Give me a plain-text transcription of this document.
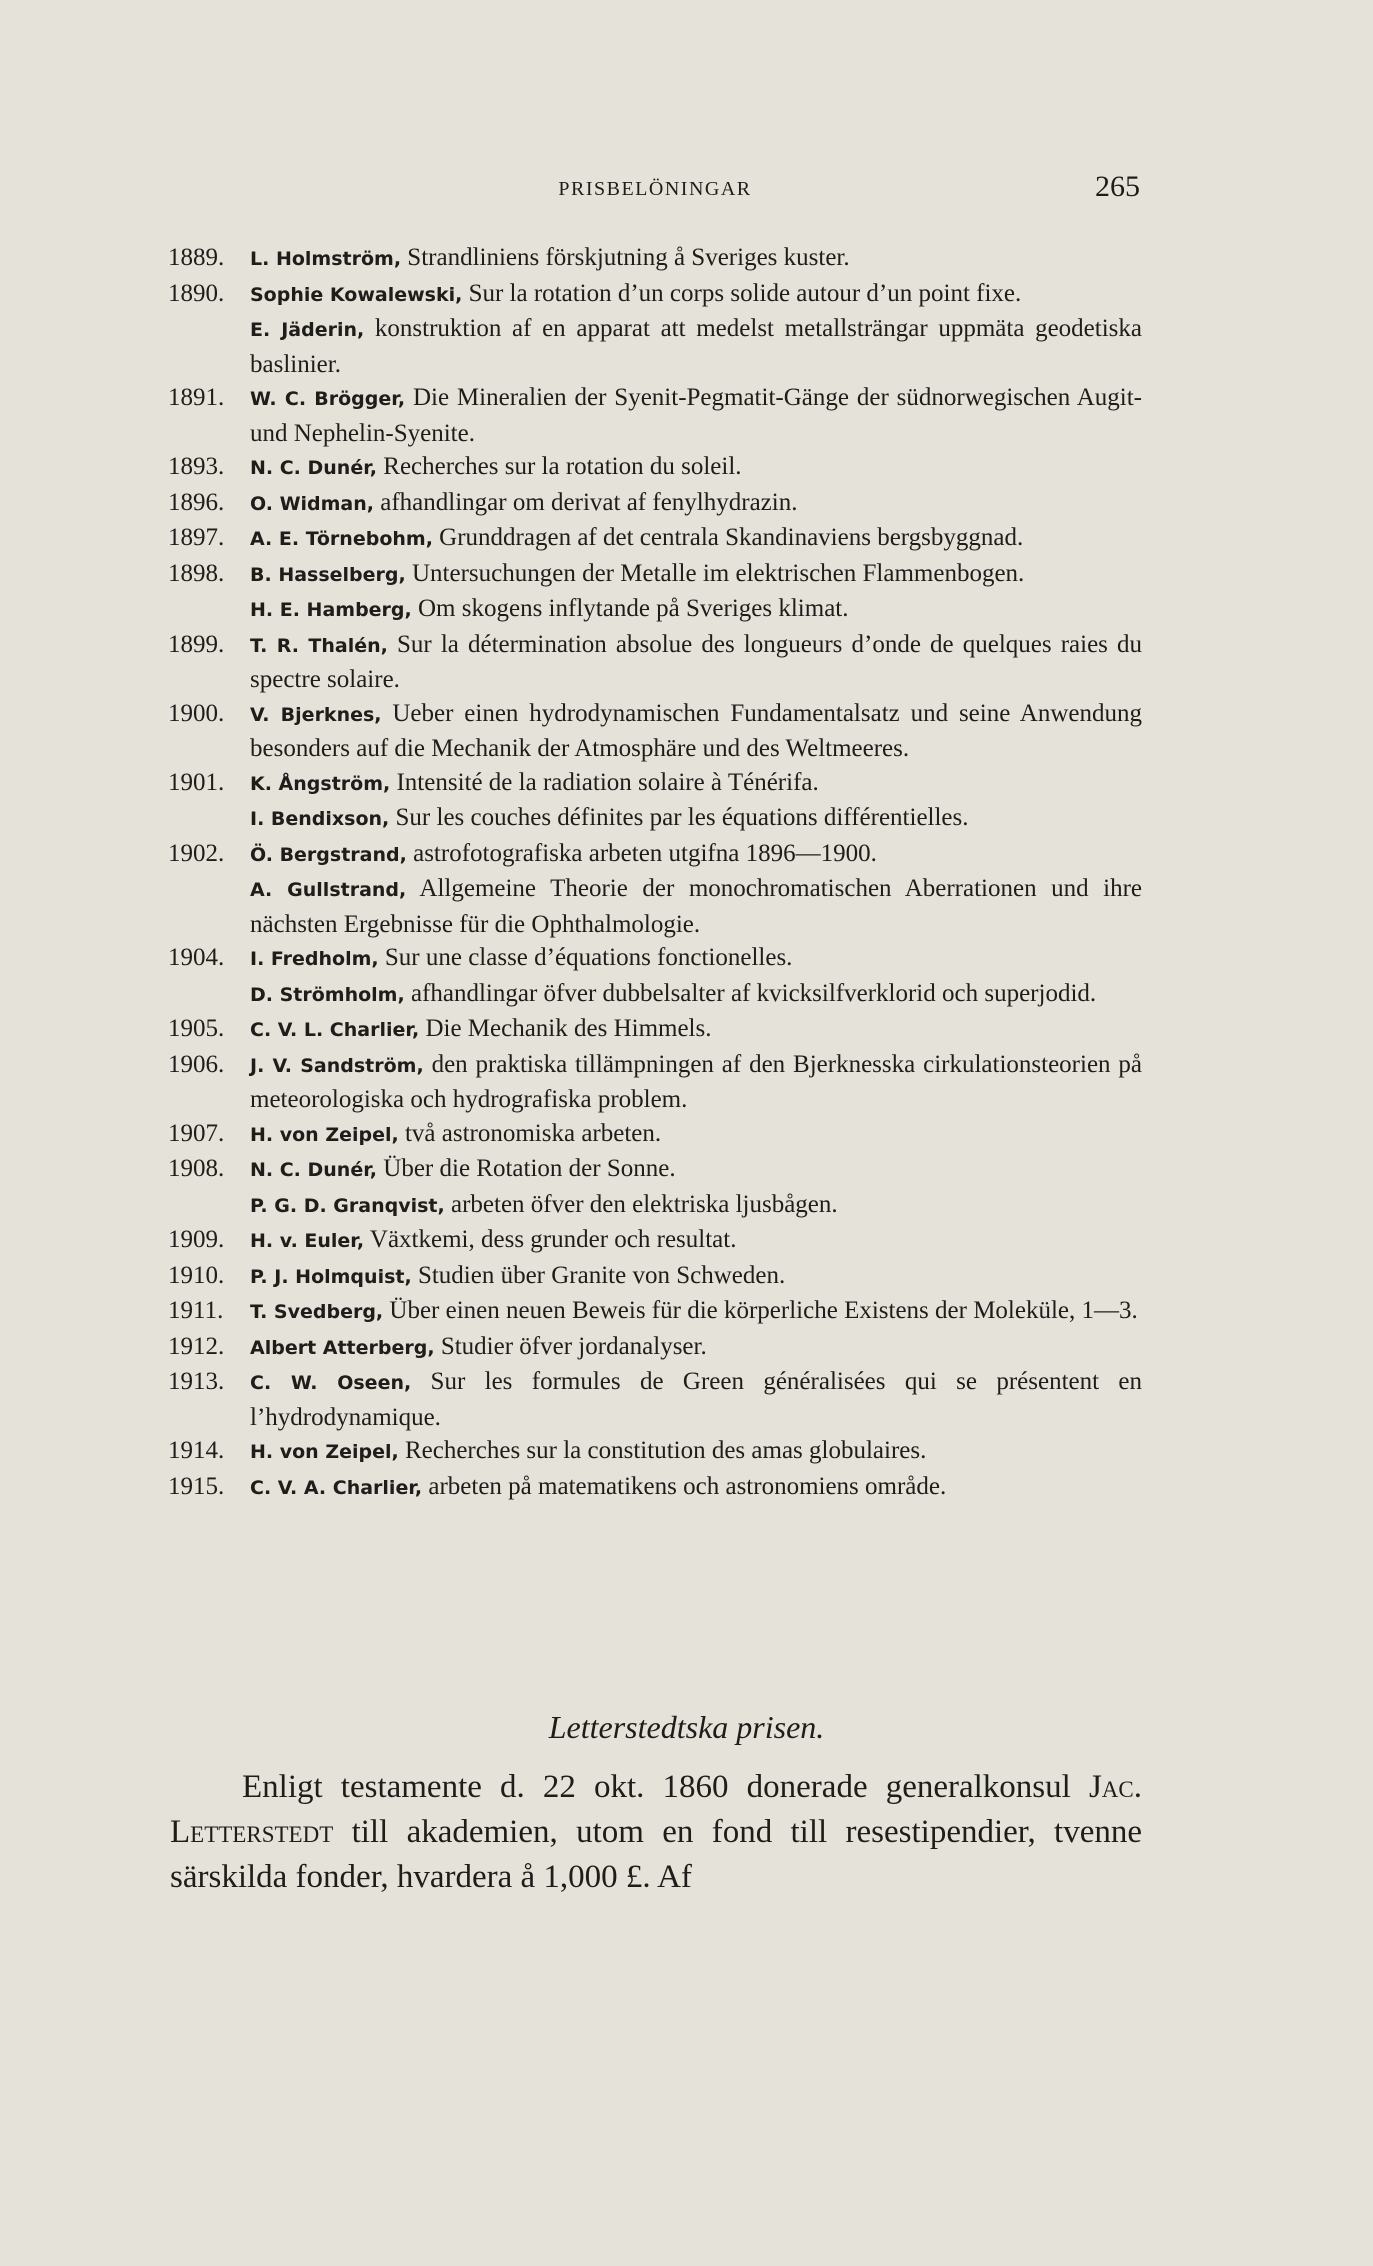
PRISBELÖNINGAR	265
1889.	L. Holmström, Strandliniens förskjutning å Sveriges kuster.
1890.	Sophie Kowalewski, Sur la rotation d’un corps solide autour d’un point fixe.
E. Jäderin, konstruktion af en apparat att medelst metallsträngar uppmäta geodetiska baslinier.
1891.	W. C. Brögger, Die Mineralien der Syenit-Pegmatit-Gänge der südnorwegischen Augit- und Nephelin-Syenite.
1893.	N. C. Dunér, Recherches sur la rotation du soleil.
1896.	O. Widman, afhandlingar om derivat af fenylhydrazin.
1897.	A. E. Törnebohm, Grunddragen af det centrala Skandinaviens bergsbyggnad.
1898.	B. Hasselberg, Untersuchungen der Metalle im elektrischen Flammenbogen.
H. E. Hamberg, Om skogens inflytande på Sveriges klimat.
1899.	T. R. Thalén, Sur la détermination absolue des longueurs d’onde de quelques raies du spectre solaire.
1900.	V. Bjerknes, Ueber einen hydrodynamischen Fundamentalsatz und seine Anwendung besonders auf die Mechanik der Atmosphäre und des Weltmeeres.
1901.	K. Ångström, Intensité de la radiation solaire à Ténérifa.
I. Bendixson, Sur les couches définites par les équations différentielles.
1902.	Ö. Bergstrand, astrofotografiska arbeten utgifna 1896—1900.
A. Gullstrand, Allgemeine Theorie der monochromatischen Aberrationen und ihre nächsten Ergebnisse für die Ophthalmologie.
1904.	I. Fredholm, Sur une classe d’équations fonctionelles.
D. Strömholm, afhandlingar öfver dubbelsalter af kvicksilfverklorid och superjodid.
1905.	C. V. L. Charlier, Die Mechanik des Himmels.
1906.	J. V. Sandström, den praktiska tillämpningen af den Bjerknesska cirkulationsteorien på meteorologiska och hydrografiska problem.
1907.	H. von Zeipel, två astronomiska arbeten.
1908.	N. C. Dunér, Über die Rotation der Sonne.
P. G. D. Granqvist, arbeten öfver den elektriska ljusbågen.
1909.	H. v. Euler, Växtkemi, dess grunder och resultat.
1910.	P. J. Holmquist, Studien über Granite von Schweden.
1911.	T. Svedberg, Über einen neuen Beweis für die körperliche Existens der Moleküle, 1—3.
1912.	Albert Atterberg, Studier öfver jordanalyser.
1913.	C. W. Oseen, Sur les formules de Green généralisées qui se présentent en l’hydrodynamique.
1914.	H. von Zeipel, Recherches sur la constitution des amas globulaires.
1915.	C. V. A. Charlier, arbeten på matematikens och astronomiens område.
Letterstedtska prisen.

Enligt testamente d. 22 okt. 1860 donerade generalkonsul Jac. Letterstedt till akademien, utom en fond till resestipendier, tvenne särskilda fonder, hvardera å 1,000 £. Af
